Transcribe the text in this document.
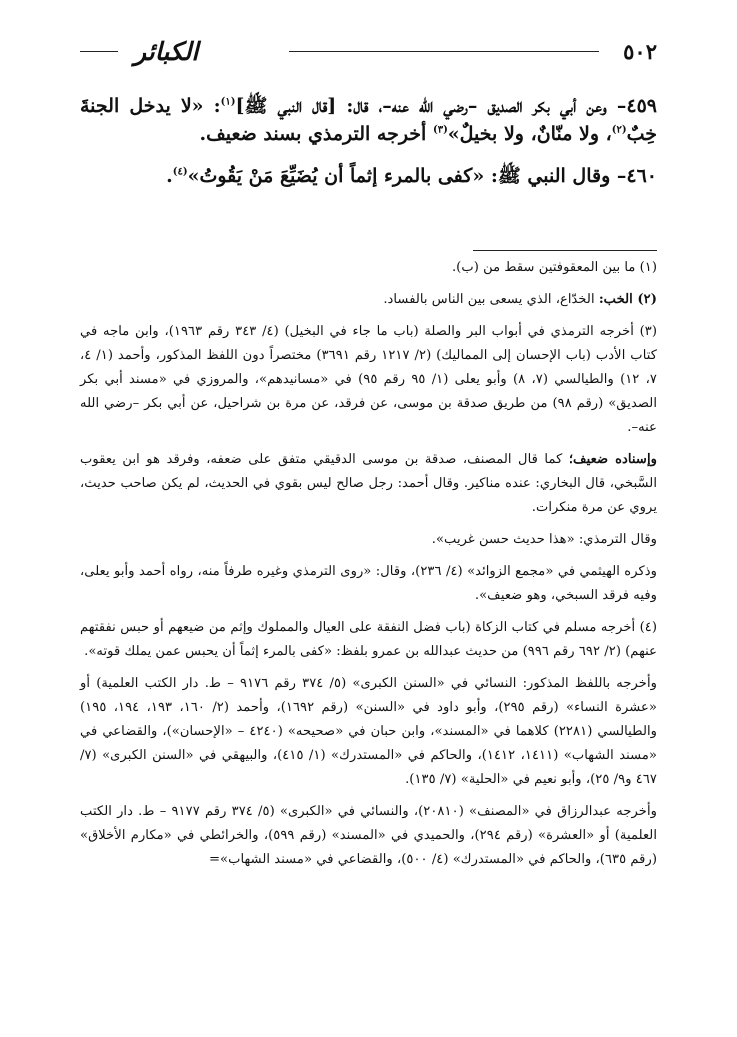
٥٠٢
الكبائر

٤٥٩– وعن أبي بكر الصديق –رضي الله عنه–، قال: [قال النبي ﷺ]$^{(١)}$: «لا يدخل الجنةَ خِبٌ$^{(٢)}$، ولا منّانٌ، ولا بخيلٌ»$^{(٣)}$ أخرجه الترمذي بسند ضعيف.

٤٦٠– وقال النبي ﷺ: «كفى بالمرء إثماً أن يُضَيِّعَ مَنْ يَقُوتُ»$^{(٤)}$.

(١) ما بين المعقوفتين سقط من (ب).

(٢) الخب: الخدّاع، الذي يسعى بين الناس بالفساد.

(٣) أخرجه الترمذي في أبواب البر والصلة (باب ما جاء في البخيل) (٤/ ٣٤٣ رقم ١٩٦٣)، وابن ماجه في كتاب الأدب (باب الإحسان إلى المماليك) (٢/ ١٢١٧ رقم ٣٦٩١) مختصراً دون اللفظ المذكور، وأحمد (١/ ٤، ٧، ١٢) والطيالسي (٧، ٨) وأبو يعلى (١/ ٩٥ رقم ٩٥) في «مسانيدهم»، والمروزي في «مسند أبي بكر الصديق» (رقم ٩٨) من طريق صدقة بن موسى، عن فرقد، عن مرة بن شراحيل، عن أبي بكر –رضي الله عنه–.

وإسناده ضعيف؛ كما قال المصنف، صدقة بن موسى الدقيقي متفق على ضعفه، وفرقد هو ابن يعقوب السَّبخي، قال البخاري: عنده مناكير. وقال أحمد: رجل صالح ليس بقوي في الحديث، لم يكن صاحب حديث، يروي عن مرة منكرات.

وقال الترمذي: «هذا حديث حسن غريب».

وذكره الهيثمي في «مجمع الزوائد» (٤/ ٢٣٦)، وقال: «روى الترمذي وغيره طرفاً منه، رواه أحمد وأبو يعلى، وفيه فرقد السبخي، وهو ضعيف».

(٤) أخرجه مسلم في كتاب الزكاة (باب فضل النفقة على العيال والمملوك وإثم من ضيعهم أو حبس نفقتهم عنهم) (٢/ ٦٩٢ رقم ٩٩٦) من حديث عبدالله بن عمرو بلفظ: «كفى بالمرء إثماً أن يحبس عمن يملك قوته».

وأخرجه باللفظ المذكور: النسائي في «السنن الكبرى» (٥/ ٣٧٤ رقم ٩١٧٦ – ط. دار الكتب العلمية) أو «عشرة النساء» (رقم ٢٩٥)، وأبو داود في «السنن» (رقم ١٦٩٢)، وأحمد (٢/ ١٦٠، ١٩٣، ١٩٤، ١٩٥) والطيالسي (٢٢٨١) كلاهما في «المسند»، وابن حبان في «صحيحه» (٤٢٤٠ – «الإحسان»)، والقضاعي في «مسند الشهاب» (١٤١١، ١٤١٢)، والحاكم في «المستدرك» (١/ ٤١٥)، والبيهقي في «السنن الكبرى» (٧/ ٤٦٧ و٩/ ٢٥)، وأبو نعيم في «الحلية» (٧/ ١٣٥).

وأخرجه عبدالرزاق في «المصنف» (٢٠٨١٠)، والنسائي في «الكبرى» (٥/ ٣٧٤ رقم ٩١٧٧ – ط. دار الكتب العلمية) أو «العشرة» (رقم ٢٩٤)، والحميدي في «المسند» (رقم ٥٩٩)، والخرائطي في «مكارم الأخلاق» (رقم ٦٣٥)، والحاكم في «المستدرك» (٤/ ٥٠٠)، والقضاعي في «مسند الشهاب»=
